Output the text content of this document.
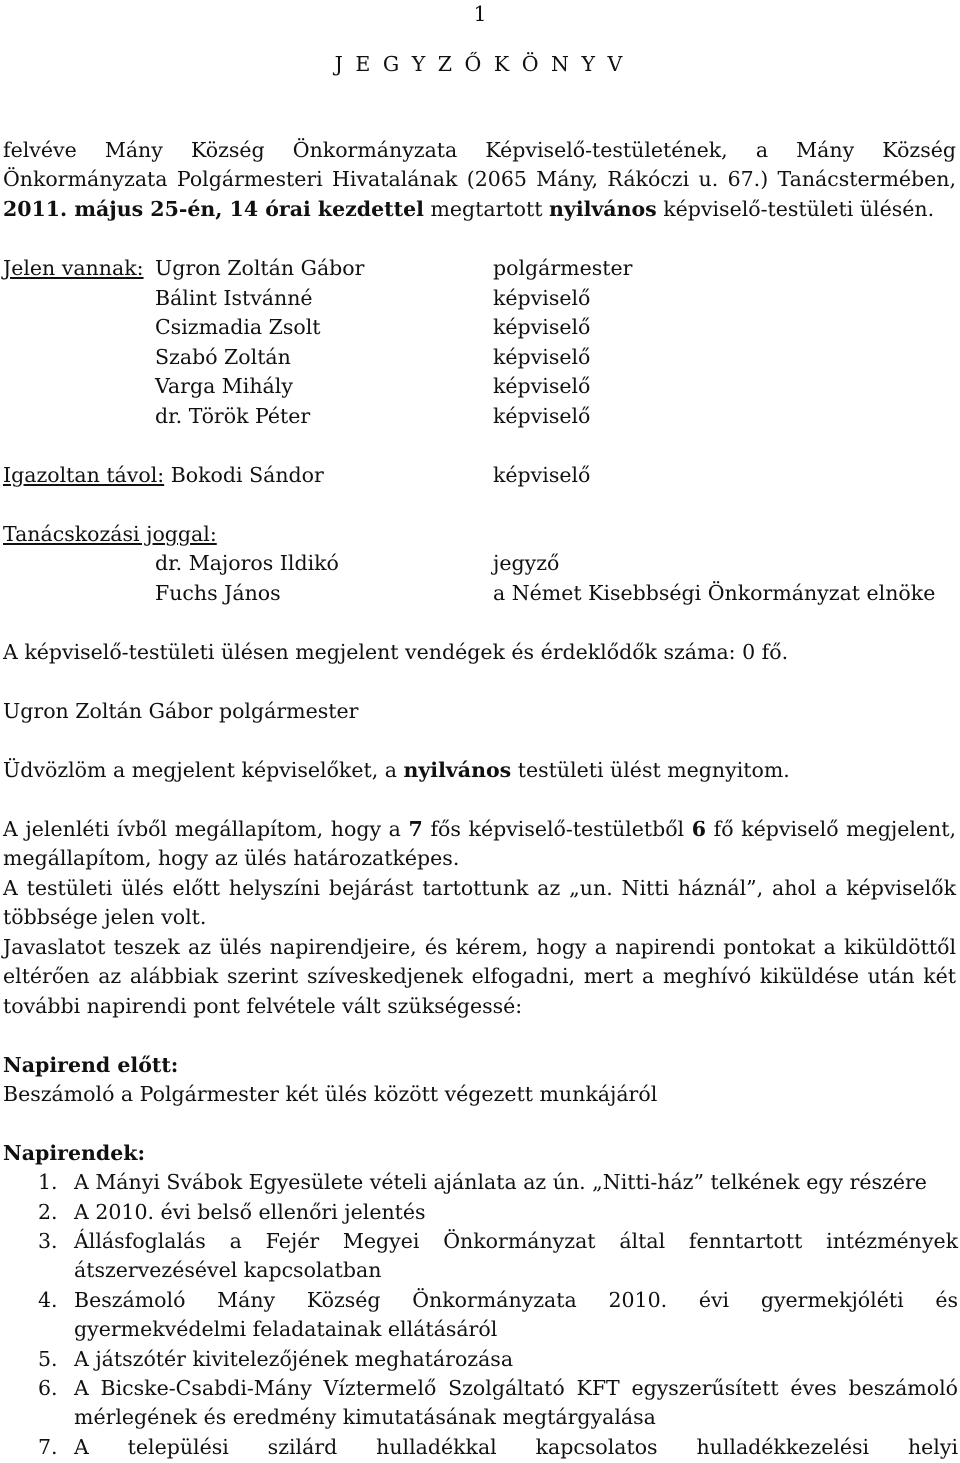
1
J E G Y Z Ő K Ö N Y V
felvéve Mány Község Önkormányzata Képviselő-testületének, a Mány Község
Önkormányzata Polgármesteri Hivatalának (2065 Mány, Rákóczi u. 67.) Tanácstermében,
2011. május 25-én, 14 órai kezdettel megtartott nyilvános képviselő-testületi ülésén.
Jelen vannak: Ugron Zoltán Gábor	polgármester
Bálint Istvánné	képviselő
Csizmadia Zsolt	képviselő
Szabó Zoltán	képviselő
Varga Mihály	képviselő
dr. Török Péter	képviselő
Igazoltan távol: Bokodi Sándor	képviselő
Tanácskozási joggal:
dr. Majoros Ildikó	jegyző
Fuchs János	a Német Kisebbségi Önkormányzat elnöke
A képviselő-testületi ülésen megjelent vendégek és érdeklődők száma: 0 fő.
Ugron Zoltán Gábor polgármester
Üdvözlöm a megjelent képviselőket, a nyilvános testületi ülést megnyitom.
A jelenléti ívből megállapítom, hogy a 7 fős képviselő-testületből 6 fő képviselő megjelent,
megállapítom, hogy az ülés határozatképes.
A testületi ülés előtt helyszíni bejárást tartottunk az „un. Nitti háznál”, ahol a képviselők
többsége jelen volt.
Javaslatot teszek az ülés napirendjeire, és kérem, hogy a napirendi pontokat a kiküldöttől
eltérően az alábbiak szerint szíveskedjenek elfogadni, mert a meghívó kiküldése után két
további napirendi pont felvétele vált szükségessé:
Napirend előtt:
Beszámoló a Polgármester két ülés között végezett munkájáról
Napirendek:
1. A Mányi Svábok Egyesülete vételi ajánlata az ún. „Nitti-ház” telkének egy részére
2. A 2010. évi belső ellenőri jelentés
3. Állásfoglalás a Fejér Megyei Önkormányzat által fenntartott intézmények
átszervezésével kapcsolatban
4. Beszámoló Mány Község Önkormányzata 2010. évi gyermekjóléti és
gyermekvédelmi feladatainak ellátásáról
5. A játszótér kivitelezőjének meghatározása
6. A Bicske-Csabdi-Mány Víztermelő Szolgáltató KFT egyszerűsített éves beszámoló
mérlegének és eredmény kimutatásának megtárgyalása
7. A települési szilárd hulladékkal kapcsolatos hulladékkezelési helyi
